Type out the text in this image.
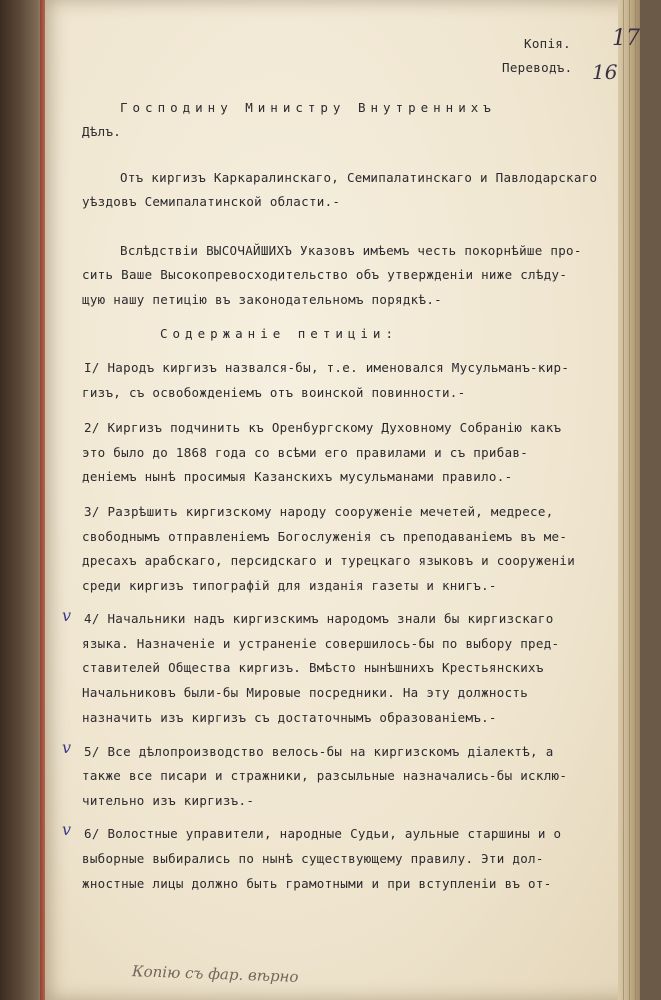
Копія.
Переводъ.
17
16
Господину Министру Внутреннихъ
Дѣлъ.
Отъ киргизъ Каркаралинскаго, Семипалатинскаго и Павлодарскаго
уѣздовъ Семипалатинской области.-
Вслѣдствіи ВЫСОЧАЙШИХЪ Указовъ имѣемъ честь покорнѣйше про-
сить Ваше Высокопревосходительство объ утвержденіи ниже слѣду-
щую нашу петицію въ законодательномъ порядкѣ.-
Содержаніе петиціи:
I/ Народъ киргизъ назвался-бы, т.е. именовался Мусульманъ-кир-
гизъ, съ освобожденіемъ отъ воинской повинности.-
2/ Киргизъ подчинить къ Оренбургскому Духовному Собранію какъ
это было до 1868 года со всѣми его правилами и съ прибав-
деніемъ нынѣ просимыя Казанскихъ мусульманами правило.-
3/ Разрѣшить киргизскому народу сооруженіе мечетей, медресе,
свободнымъ отправленіемъ Богослуженія съ преподаваніемъ въ ме-
дресахъ арабскаго, персидскаго и турецкаго языковъ и сооруженіи
среди киргизъ типографій для изданія газеты и книгъ.-
v 4/ Начальники надъ киргизскимъ народомъ знали бы киргизскаго
языка. Назначеніе и устраненіе совершилось-бы по выбору пред-
ставителей Общества киргизъ. Вмѣсто нынѣшнихъ Крестьянскихъ
Начальниковъ были-бы Мировые посредники. На эту должность
назначить изъ киргизъ съ достаточнымъ образованіемъ.-
v 5/ Все дѣлопроизводство велось-бы на киргизскомъ діалектѣ, а
также все писари и стражники, разсыльные назначались-бы исклю-
чительно изъ киргизъ.-
v 6/ Волостные управители, народные Судьи, аульные старшины и о
выборные выбирались по нынѣ существующему правилу. Эти дол-
жностные лицы должно быть грамотными и при вступленіи въ от-
Копію съ фар. вѣрно
